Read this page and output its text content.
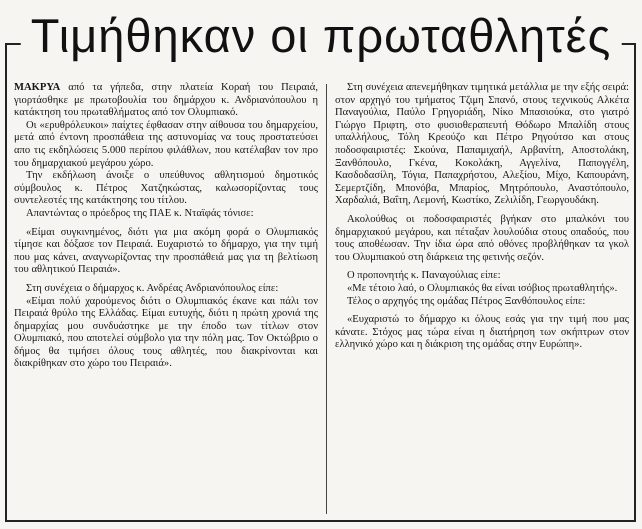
Τιμήθηκαν οι πρωταθλητές

ΜΑΚΡΥΑ από τα γήπεδα, στην πλατεία Κοραή του Πειραιά, γιορτάσθηκε με πρωτοβουλία του δημάρχου κ. Ανδριανόπουλου η κατάκτηση του πρωταθλήματος από τον Ολυμπιακό.

Οι «ερυθρόλευκοι» παίχτες έφθασαν στην αίθουσα του δημαρχείου, μετά από έντονη προσπάθεια της αστυνομίας να τους προστατεύσει απο τις εκδηλώσεις 5.000 περίπου φιλάθλων, που κατέλαβαν τον προ του δημαρχιακού μεγάρου χώρο.

Την εκδήλωση άνοιξε ο υπεύθυνος αθλητισμού δημοτικός σύμβουλος κ. Πέτρος Χατζηκώστας, καλωσορίζοντας τους συντελεστές της κατάκτησης του τίτλου.

Απαντώντας ο πρόεδρος της ΠΑΕ κ. Νταϊφάς τόνισε:

«Είμαι συγκινημένος, διότι για μια ακόμη φορά ο Ολυμπιακός τίμησε και δόξασε τον Πειραιά. Ευχαριστώ το δήμαρχο, για την τιμή που μας κάνει, αναγνωρίζοντας την προσπάθειά μας για τη βελτίωση του αθλητικού Πειραιά».

Στη συνέχεια ο δήμαρχος κ. Ανδρέας Ανδριανόπουλος είπε:

«Είμαι πολύ χαρούμενος διότι ο Ολυμπιακός έκανε και πάλι τον Πειραιά θρύλο της Ελλάδας. Είμαι ευτυχής, διότι η πρώτη χρονιά της δημαρχίας μου συνδυάστηκε με την έποδο των τίτλων στον Ολυμπιακό, που αποτελεί σύμβολο για την πόλη μας. Τον Οκτώβριο ο δήμος θα τιμήσει όλους τους αθλητές, που διακρίνονται και διακρίθηκαν στο χώρο του Πειραιά».

Στη συνέχεια απενεμήθηκαν τιμητικά μετάλλια με την εξής σειρά: στον αρχηγό του τμήματος Τζιμη Σπανό, στους τεχνικούς Αλκέτα Παναγούλια, Παύλο Γρηγοριάδη, Νίκο Μπασιούκα, στο γιατρό Γιώργο Πριφτη, στο φυσιοθεραπευτή Θόδωρο Μπαλίδη στους υπαλλήλους, Τόλη Κρεούζο και Πέτρο Ρηγούτσο και στους ποδοσφαιριστές: Σκούνα, Παπαμιχαήλ, Αρβανίτη, Αποστολάκη, Ξανθόπουλο, Γκένα, Κοκολάκη, Αγγελίνα, Παπογγέλη, Κασδοδασίλη, Τόγια, Παπαχρήστου, Αλεξίου, Μίχο, Καπουράνη, Σεμερτζίδη, Μπονόβα, Μπαρίος, Μητρόπουλο, Αναστόπουλο, Χαρδαλιά, Βαΐτη, Λεμονή, Κωστίκο, Ζελιλίδη, Γεωργουδάκη.

Ακολούθως οι ποδοσφαιριστές βγήκαν στο μπαλκόνι του δημαρχιακού μεγάρου, και πέταξαν λουλούδια στους οπαδούς, που τους αποθέωσαν. Την ίδια ώρα από οθόνες προβλήθηκαν τα γκολ του Ολυμπιακού στη διάρκεια της φετινής σεζόν.

Ο προπονητής κ. Παναγούλιας είπε:

«Με τέτοιο λαό, ο Ολυμπιακός θα είναι ισόβιος πρωταθλητής».

Τέλος ο αρχηγός της ομάδας Πέτρος Ξανθόπουλος είπε:

«Ευχαριστώ το δήμαρχο κι όλους εσάς για την τιμή που μας κάνατε. Στόχος μας τώρα είναι η διατήρηση των σκήπτρων στον ελληνικό χώρο και η διάκριση της ομάδας στην Ευρώπη».
